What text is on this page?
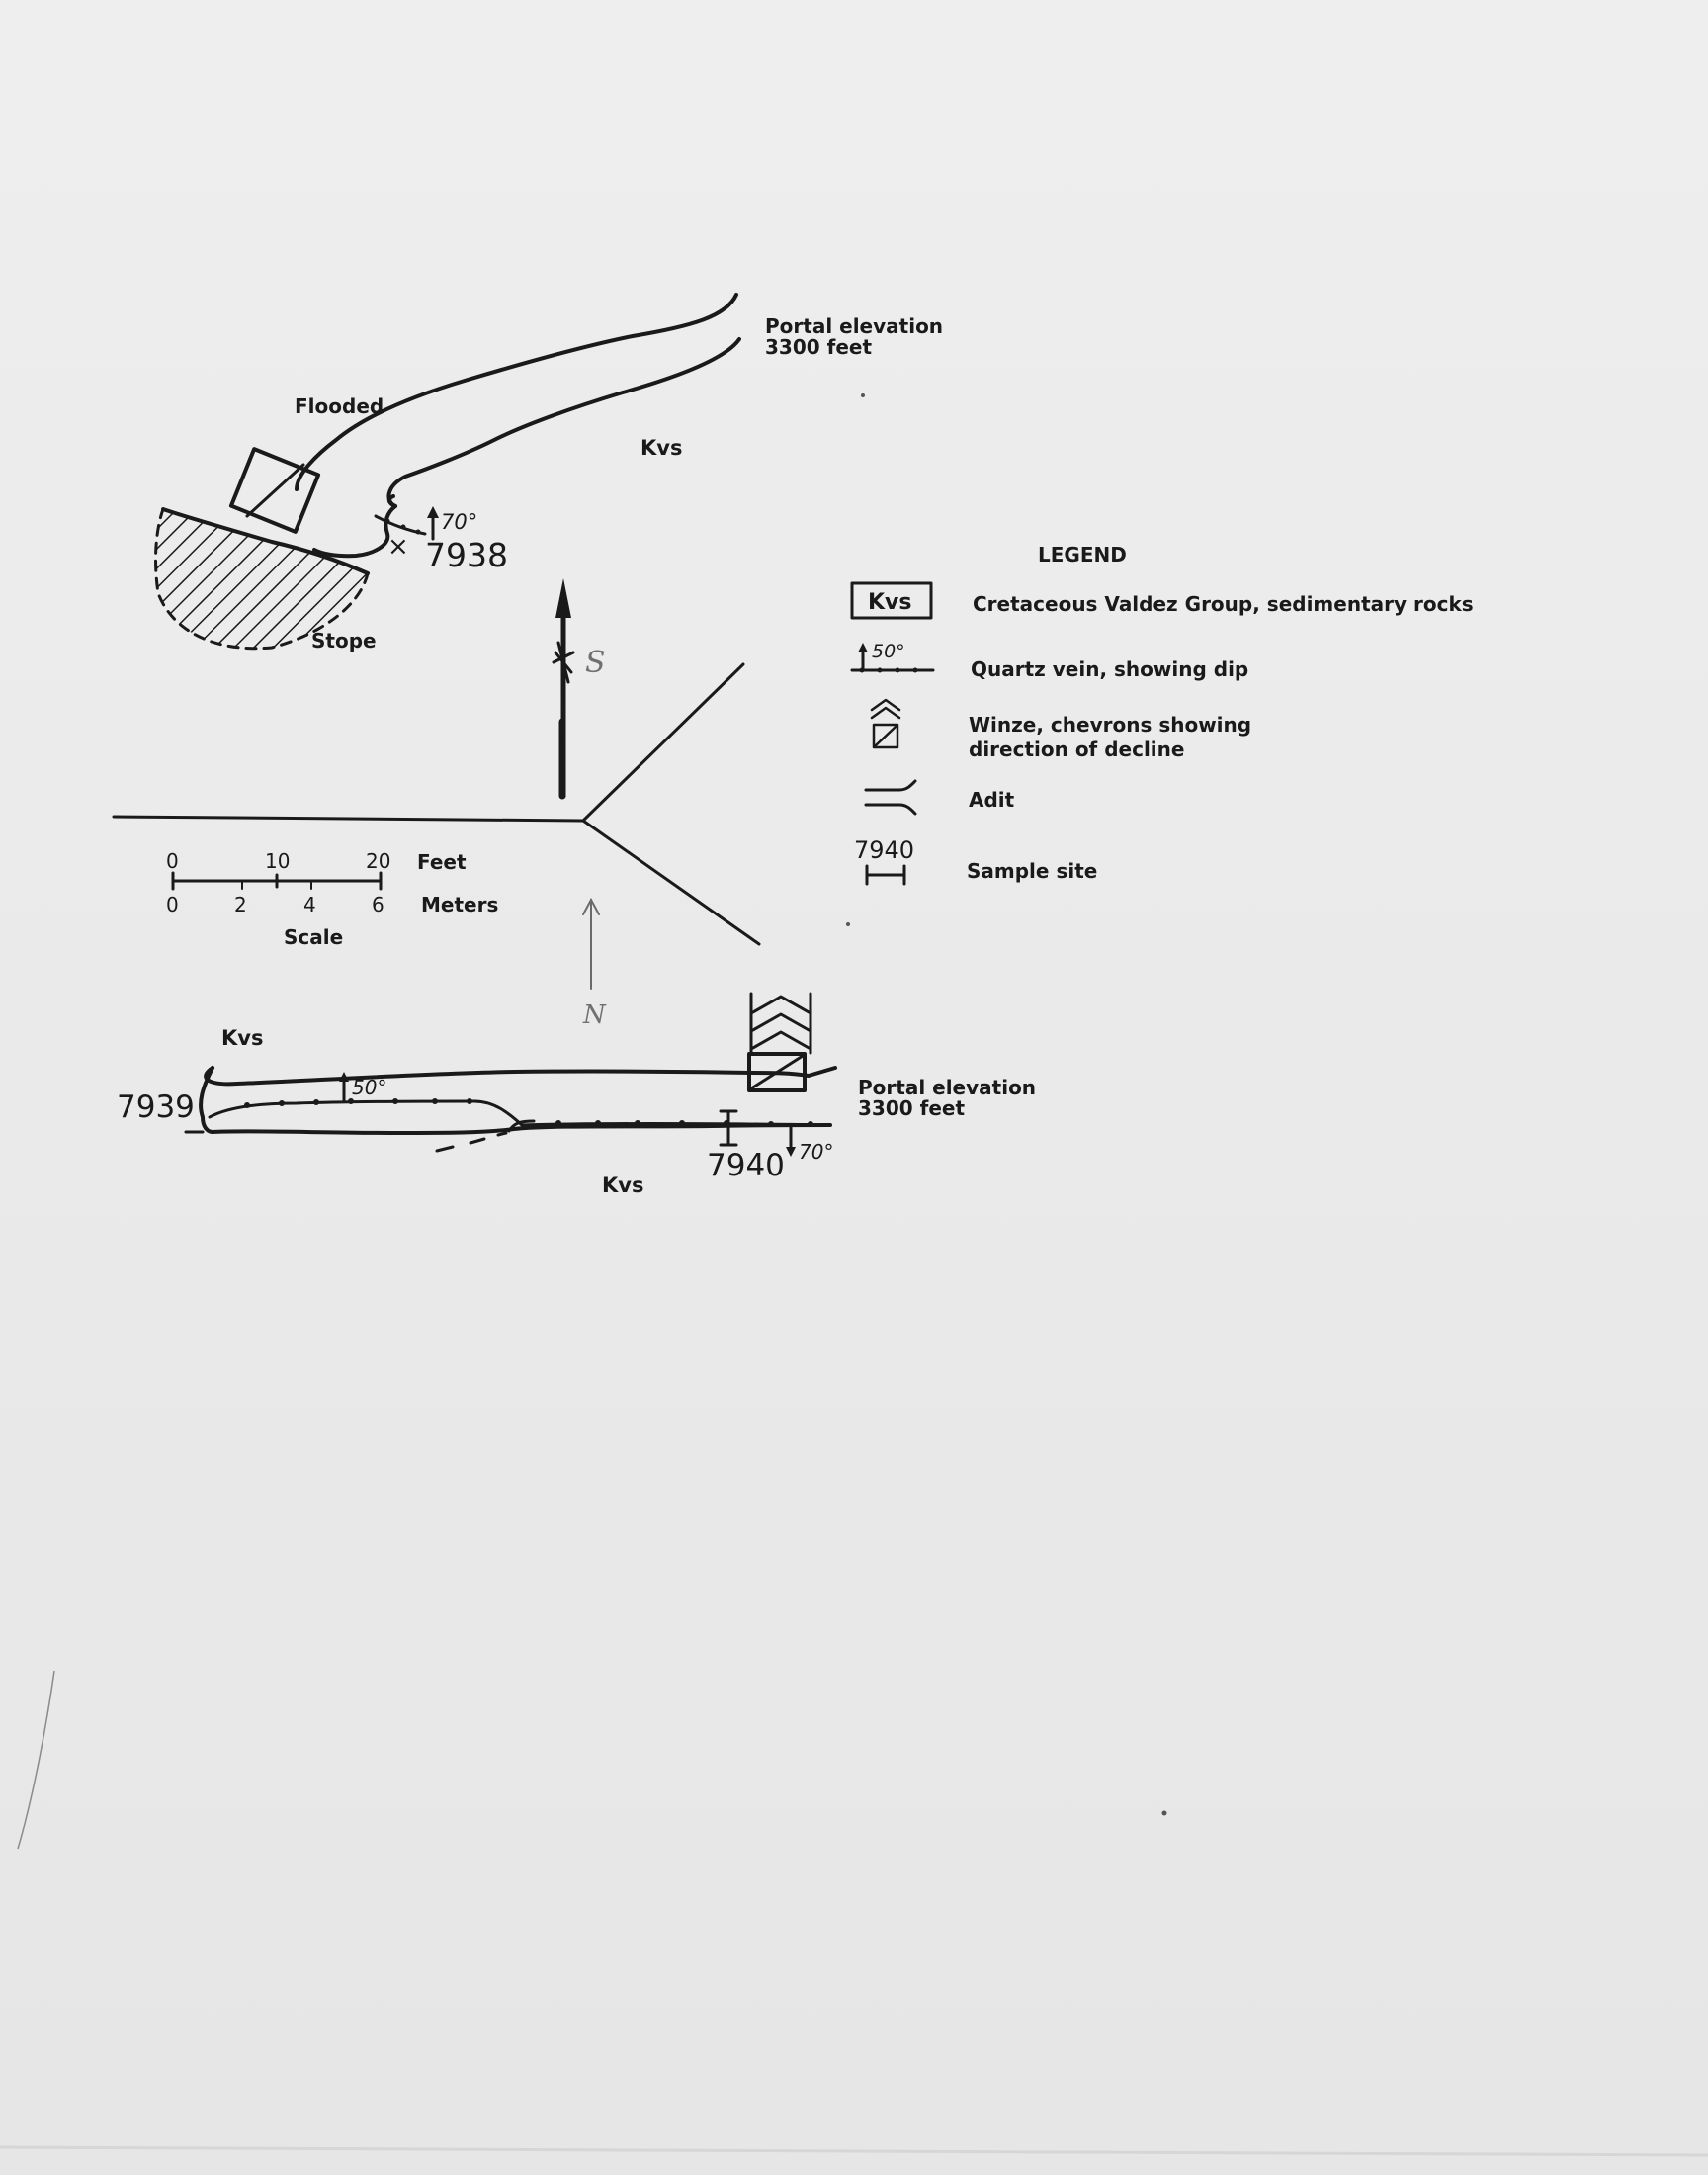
70°
× 7938
Flooded
Kvs
Stope
Portal elevation
3300 feet
S
N
0	10	20 Feet
0	2	4	6 Meters
Scale
LEGEND
Kvs	Cretaceous Valdez Group, sedimentary rocks
50°
Quartz vein, showing dip
Winze, chevrons showing
direction of decline
Adit
7940
Sample site
50°
70°
7939
7940
Kvs
Kvs
Portal elevation
3300 feet
